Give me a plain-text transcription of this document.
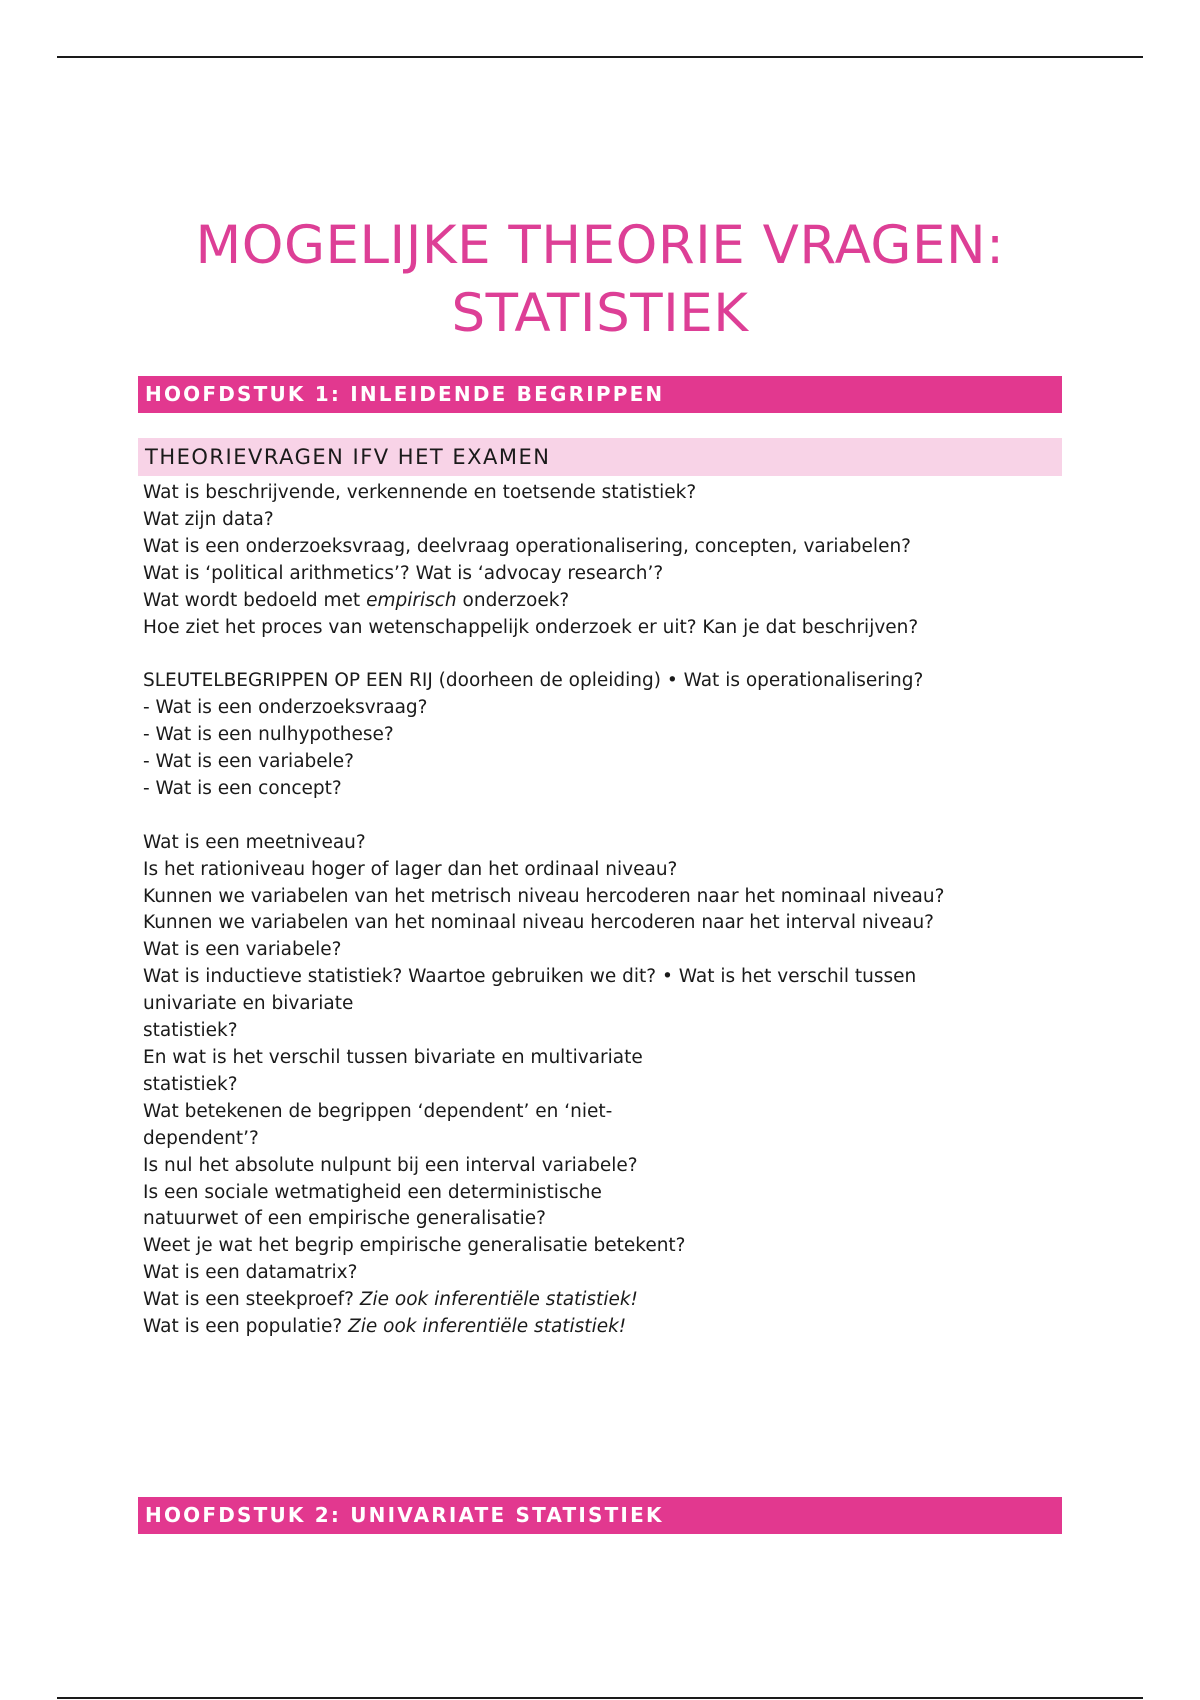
MOGELIJKE THEORIE VRAGEN:
STATISTIEK
HOOFDSTUK 1: INLEIDENDE BEGRIPPEN
THEORIEVRAGEN IFV HET EXAMEN
Wat is beschrijvende, verkennende en toetsende statistiek?
Wat zijn data?
Wat is een onderzoeksvraag, deelvraag operationalisering, concepten, variabelen?
Wat is ‘political arithmetics’? Wat is ‘advocay research’?
Wat wordt bedoeld met empirisch onderzoek?
Hoe ziet het proces van wetenschappelijk onderzoek er uit? Kan je dat beschrijven?
SLEUTELBEGRIPPEN OP EEN RIJ (doorheen de opleiding) • Wat is operationalisering?
- Wat is een onderzoeksvraag?
- Wat is een nulhypothese?
- Wat is een variabele?
- Wat is een concept?
Wat is een meetniveau?
Is het rationiveau hoger of lager dan het ordinaal niveau?
Kunnen we variabelen van het metrisch niveau hercoderen naar het nominaal niveau?
Kunnen we variabelen van het nominaal niveau hercoderen naar het interval niveau?
Wat is een variabele?
Wat is inductieve statistiek? Waartoe gebruiken we dit? • Wat is het verschil tussen
univariate en bivariate
statistiek?
En wat is het verschil tussen bivariate en multivariate
statistiek?
Wat betekenen de begrippen ‘dependent’ en ‘niet-
dependent’?
Is nul het absolute nulpunt bij een interval variabele?
Is een sociale wetmatigheid een deterministische
natuurwet of een empirische generalisatie?
Weet je wat het begrip empirische generalisatie betekent?
Wat is een datamatrix?
Wat is een steekproef? Zie ook inferentiële statistiek!
Wat is een populatie? Zie ook inferentiële statistiek!
HOOFDSTUK 2: UNIVARIATE STATISTIEK
